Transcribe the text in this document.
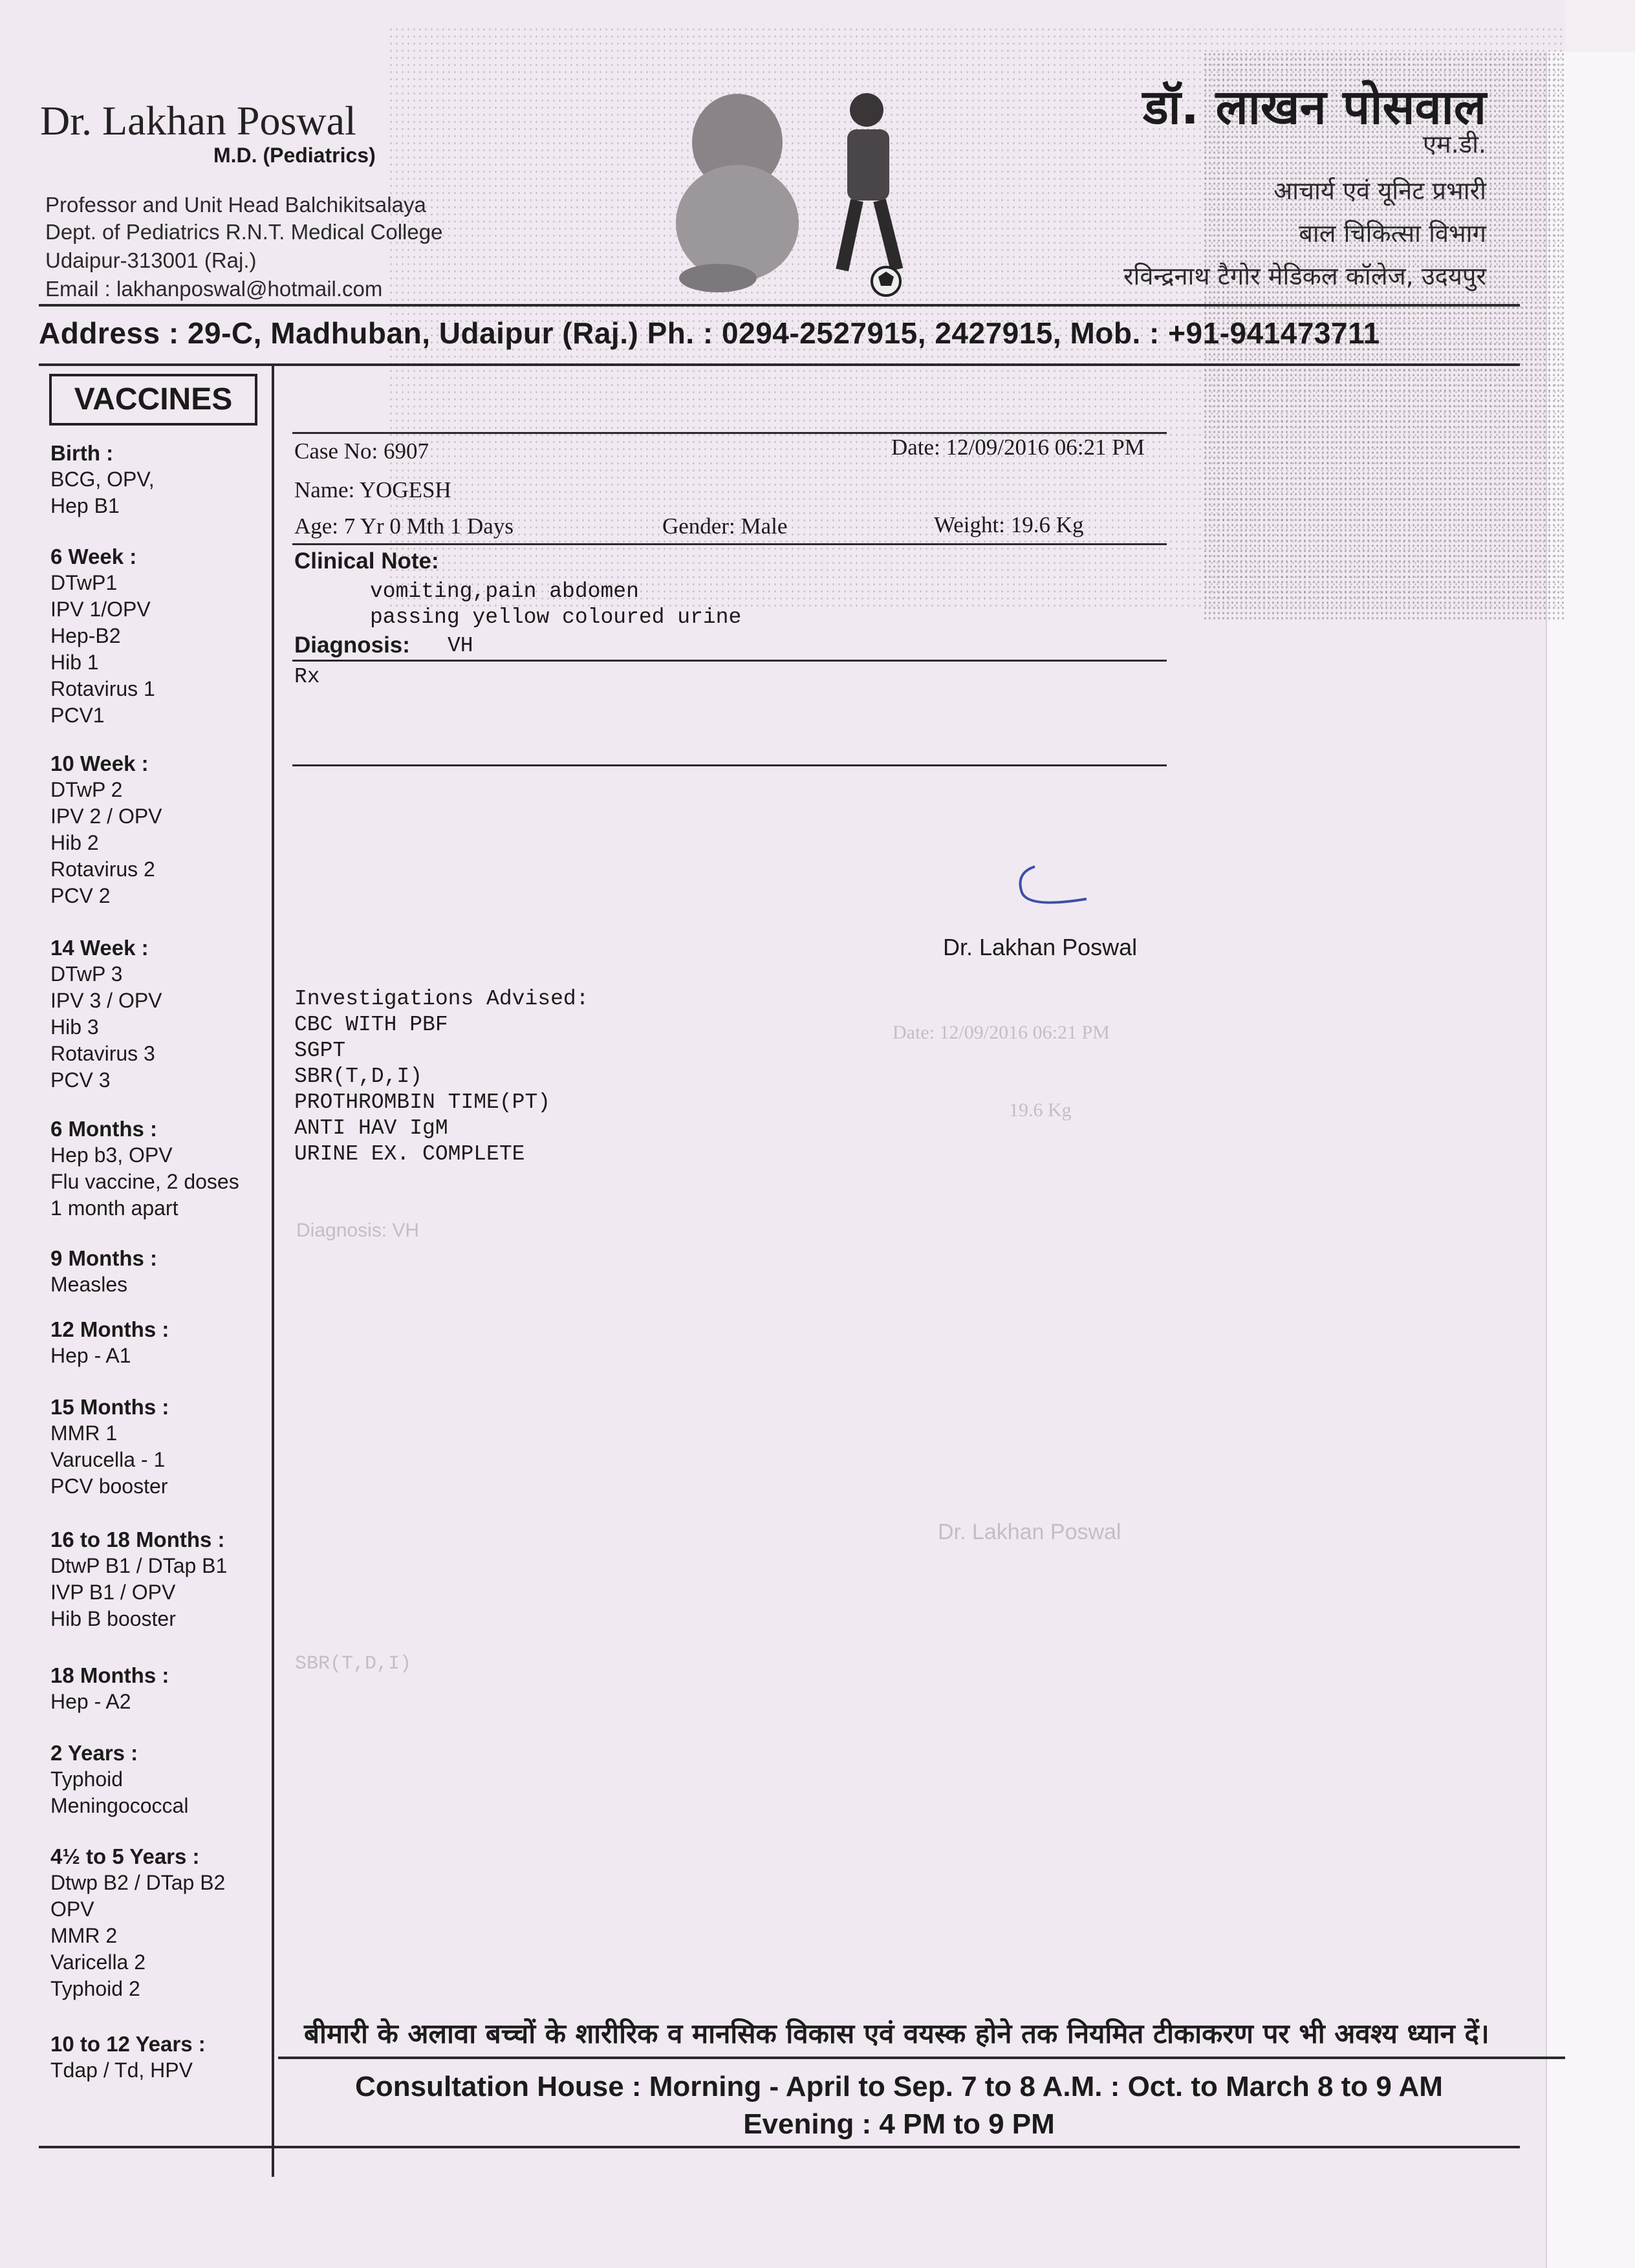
Dr. Lakhan Poswal
M.D. (Pediatrics)
Professor and Unit Head Balchikitsalaya
Dept. of Pediatrics R.N.T. Medical College
Udaipur-313001 (Raj.)
Email : lakhanposwal@hotmail.com
डॉ. लाखन पोसवाल
एम.डी.
आचार्य एवं यूनिट प्रभारी
बाल चिकित्सा विभाग
रविन्द्रनाथ टैगोर मेडिकल कॉलेज, उदयपुर
Address : 29-C, Madhuban, Udaipur (Raj.) Ph. : 0294-2527915, 2427915, Mob. : +91-941473711
VACCINES
Birth :
BCG, OPV,
Hep B1
6 Week :
DTwP1
IPV 1/OPV
Hep-B2
Hib 1
Rotavirus 1
PCV1
10 Week :
DTwP 2
IPV 2 / OPV
Hib 2
Rotavirus 2
PCV 2
14 Week :
DTwP 3
IPV 3 / OPV
Hib 3
Rotavirus 3
PCV 3
6 Months :
Hep b3, OPV
Flu vaccine, 2 doses
1 month apart
9 Months :
Measles
12 Months :
Hep - A1
15 Months :
MMR 1
Varucella - 1
PCV booster
16 to 18 Months :
DtwP B1 / DTap B1
IVP B1 / OPV
Hib B booster
18 Months :
Hep - A2
2 Years :
Typhoid
Meningococcal
4½ to 5 Years :
Dtwp B2 / DTap B2
OPV
MMR 2
Varicella 2
Typhoid 2
10 to 12 Years :
Tdap / Td, HPV
Case No: 6907	Date: 12/09/2016 06:21 PM
Name: YOGESH
Age: 7 Yr 0 Mth 1 Days	Gender: Male	Weight: 19.6 Kg
Clinical Note:
vomiting,pain abdomen
passing yellow coloured urine
Diagnosis: VH
Rx
Dr. Lakhan Poswal
Investigations Advised:
CBC WITH PBF
SGPT
SBR(T,D,I)
PROTHROMBIN TIME(PT)
ANTI HAV IgM
URINE EX. COMPLETE
Date: 12/09/2016 06:21 PM
19.6 Kg
Diagnosis: VH
Dr. Lakhan Poswal
SBR(T,D,I)
बीमारी के अलावा बच्चों के शारीरिक व मानसिक विकास एवं वयस्क होने तक नियमित टीकाकरण पर भी अवश्य ध्यान दें।
Consultation House : Morning - April to Sep. 7 to 8 A.M. : Oct. to March 8 to 9 AM
Evening : 4 PM to 9 PM
